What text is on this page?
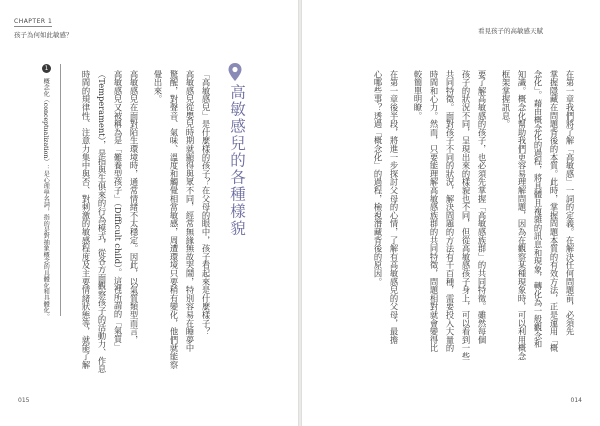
CHAPTER 1
孩子為何如此敏感？
高敏感兒的各種樣貌
「高敏感兒」是什麼樣的孩子？在父母的眼中，孩子看起來是什麼樣子？
高敏感兒從嬰兒時期就顯得與眾不同，經常無緣無故哭鬧，特別容易在睡夢中
驚醒，對聲音、氣味、溫度和觸覺相當敏感，周遭環境只要稍有變化，他們就能察
覺出來。
高敏感兒在面對陌生環境時，通常情緒不太穩定。因此，以氣質類型而言，
高敏感兒又被稱為是「難養型孩子」（Difficult child）。這裡所謂的「氣質」
（Temperament），是指與生俱來的行為模式，從各方面觀察孩子的活動力、作息
時間的規律性、注意力集中與否、對刺激的敏感程度及主要情緒狀態等，就能了解
1
概念化（conceptualization）：是心理學名詞，指的是對抽象概念的具體化和具體化。
015
看見孩子的高敏感天賦
在第一章我們將了解「高敏感」一詞的定義。在解決任何問題前，必須先
掌握隱藏在問題背後的本質。此時，掌握問題本質的有效方法，正是運用「概
念化」。藉由概念化的過程，將具體且複雜的訊息和現象，轉化為一般觀念和
知識。概念化幫助我們更容易理解問題，因為在觀察某種現象時，可以利用概念
框架掌握訊息。
要了解高敏感的孩子，也必須先掌握「高敏感族群」的共同特徵。雖然每個
孩子的狀況不同，呈現出來的樣貌也不同，但從高敏感孩子身上，可以看到一些
共同特徵。面對孩子不同的狀況，解決問題的方法有千百種，需要投入大量的
時間和心力。然而，只要能理解高敏感族群的共同特徵，問題相對就會變得比
較簡單明瞭。
在第一章後半段，將進一步探討父母的心情，了解有高敏感兒的父母，最擔
心哪些事？透過「概念化」的過程，檢視潛藏背後的原因。
014
